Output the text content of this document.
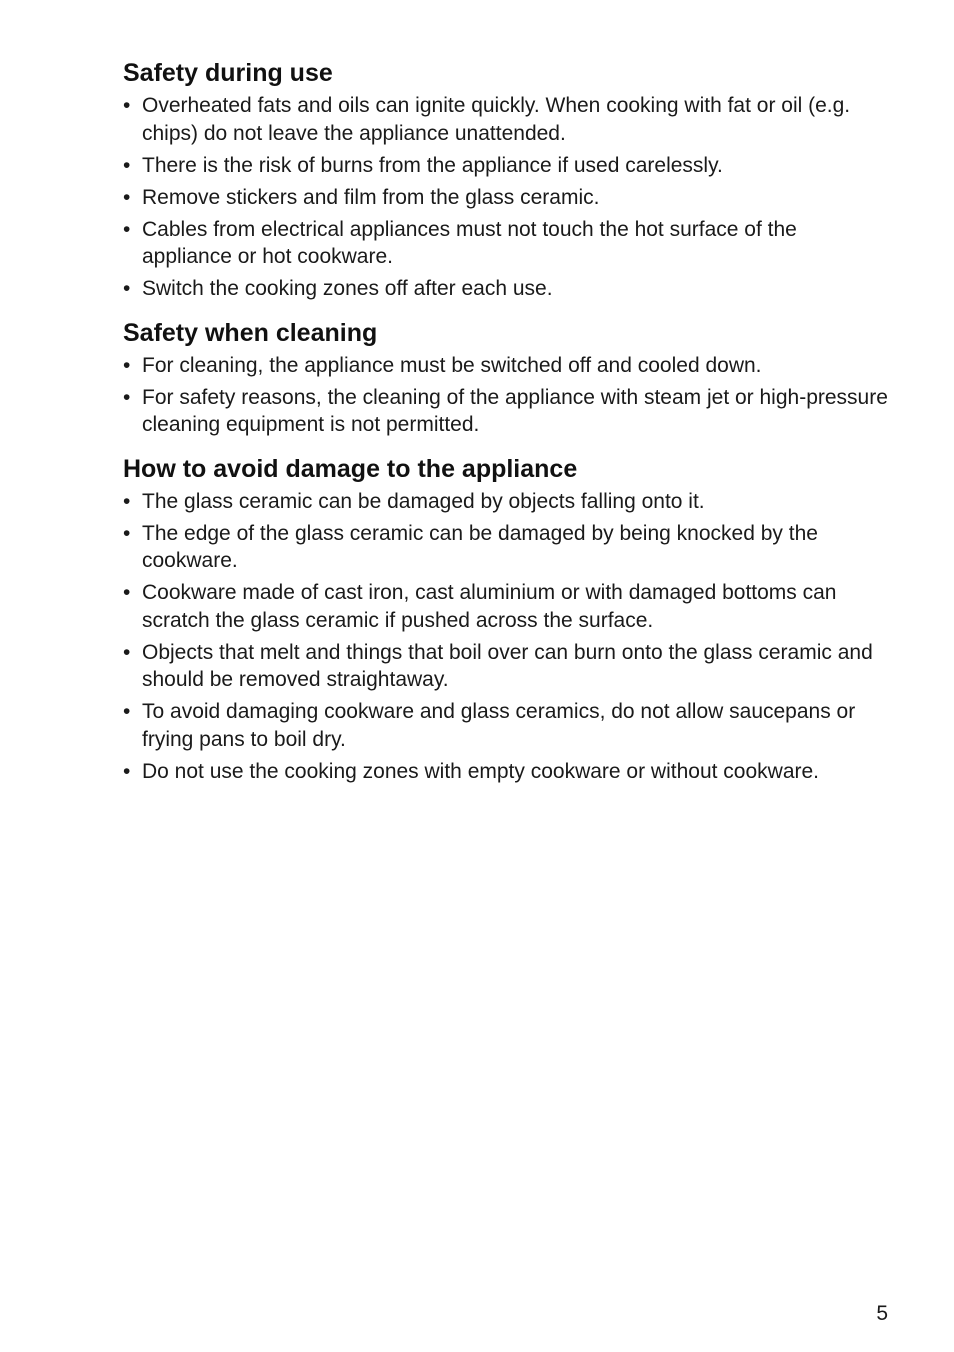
Safety during use
• Overheated fats and oils can ignite quickly. When cooking with fat or oil (e.g. chips) do not leave the appliance unattended.
• There is the risk of burns from the appliance if used carelessly.
• Remove stickers and film from the glass ceramic.
• Cables from electrical appliances must not touch the hot surface of the appliance or hot cookware.
• Switch the cooking zones off after each use.
Safety when cleaning
• For cleaning, the appliance must be switched off and cooled down.
• For safety reasons, the cleaning of the appliance with steam jet or high-pressure cleaning equipment is not permitted.
How to avoid damage to the appliance
• The glass ceramic can be damaged by objects falling onto it.
• The edge of the glass ceramic can be damaged by being knocked by the cookware.
• Cookware made of cast iron, cast aluminium or with damaged bottoms can scratch the glass ceramic if pushed across the surface.
• Objects that melt and things that boil over can burn onto the glass ceramic and should be removed straightaway.
• To avoid damaging cookware and glass ceramics, do not allow saucepans or frying pans to boil dry.
• Do not use the cooking zones with empty cookware or without cookware.
5
